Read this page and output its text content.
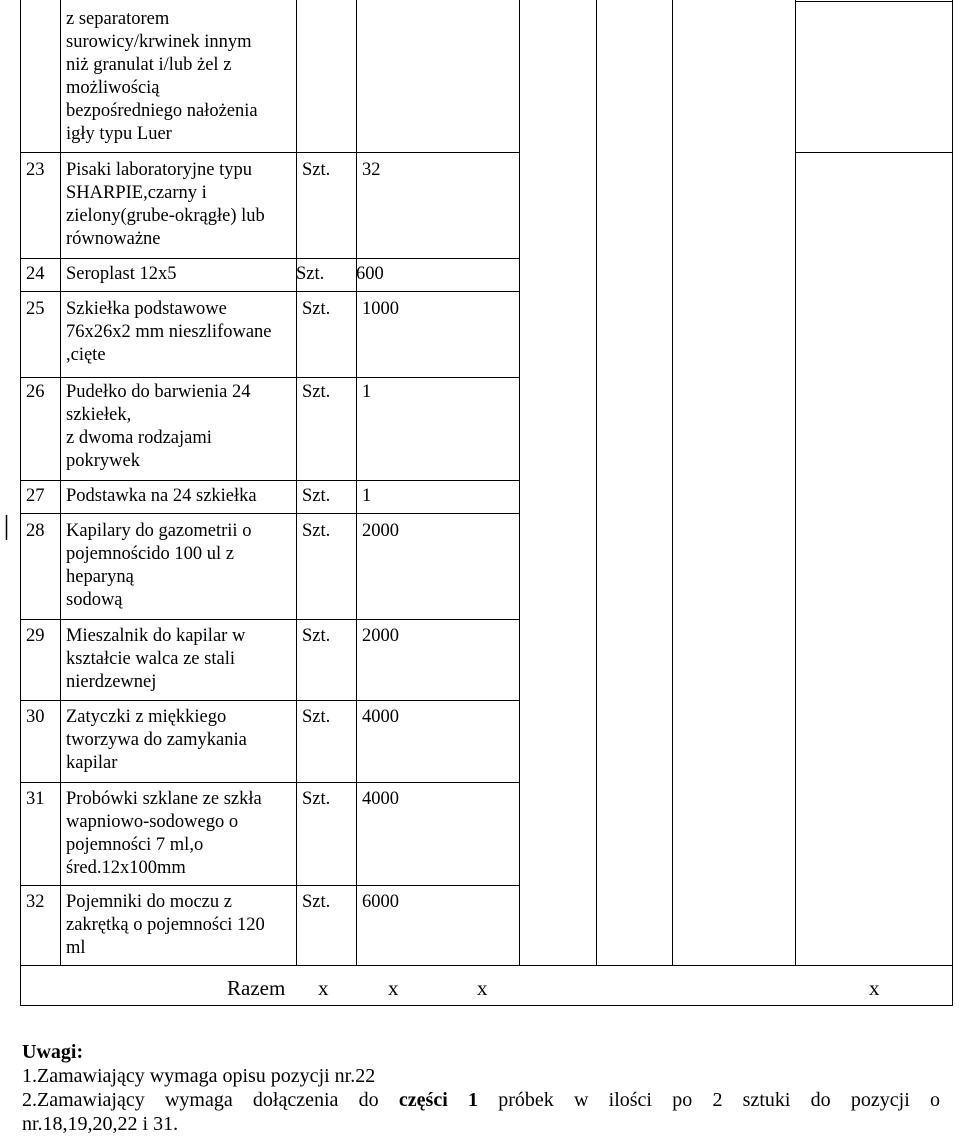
z separatorem
surowicy/krwinek innym
niż granulat i/lub żel z
możliwością
bezpośredniego nałożenia
igły typu Luer
23 Pisaki laboratoryjne typu
SHARPIE,czarny i
zielony(grube-okrągłe) lub
równoważne
Szt. 32
24 Seroplast 12x5	Szt. 600
25 Szkiełka podstawowe
76x26x2 mm nieszlifowane
,cięte
Szt. 1000
26 Pudełko do barwienia 24
szkiełek,
z dwoma rodzajami
pokrywek
Szt. 1
27 Podstawka na 24 szkiełka Szt. 1
28 Kapilary do gazometrii o
pojemnoścido 100 ul z
heparyną
sodową
Szt. 2000
29 Mieszalnik do kapilar w
kształcie walca ze stali
nierdzewnej
Szt. 2000
30 Zatyczki z miękkiego
tworzywa do zamykania
kapilar
Szt. 4000
31 Probówki szklane ze szkła
wapniowo-sodowego o
pojemności 7 ml,o
śred.12x100mm
Szt. 4000
32 Pojemniki do moczu z
zakrętką o pojemności 120
ml
Szt. 6000
Razem x	x	x	x

Uwagi:

1.Zamawiający wymaga opisu pozycji nr.22

2.Zamawiający wymaga dołączenia do części 1 próbek w ilości po 2 sztuki do pozycji o

nr.18,19,20,22 i 31.
